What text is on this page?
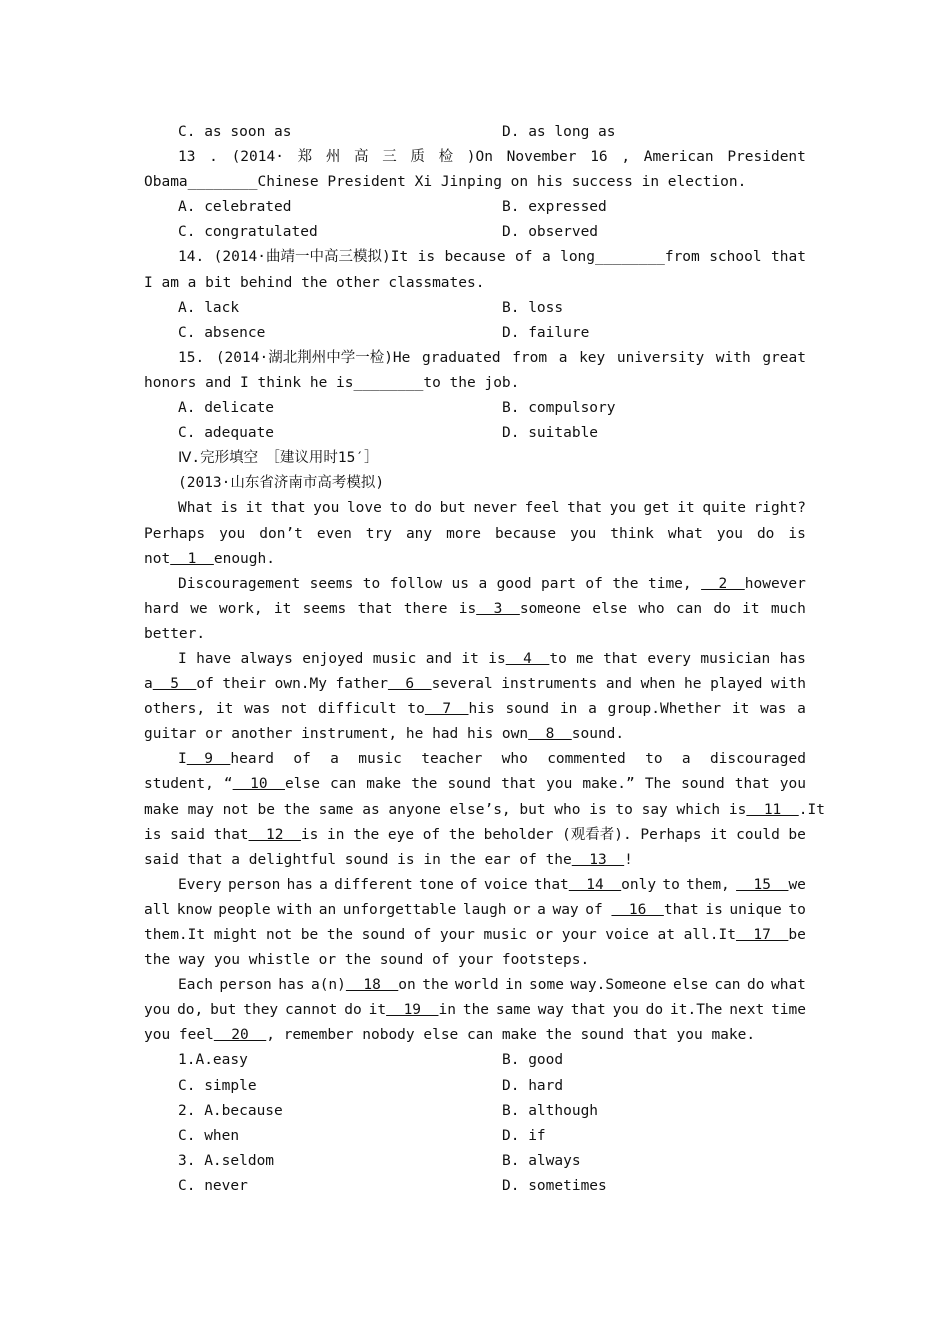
C. as soon as	D. as long as
13 . (2014· 郑 州 高 三 质 检 )On November 16 , American President
Obama________Chinese President Xi Jinping on his success in election.
A. celebrated	B. expressed
C. congratulated	D. observed
14. (2014·曲靖一中高三模拟)It is because of a long________from school that
I am a bit behind the other classmates.
A. lack	B. loss
C. absence	D. failure
15. (2014·湖北荆州中学一检)He graduated from a key university with great
honors and I think he is________to the job.
A. delicate	B. compulsory
C. adequate	D. suitable
Ⅳ.完形填空　［建议用时15′］
(2013·山东省济南市高考模拟)
What is it that you love to do but never feel that you get it quite right?
Perhaps you don’t even try any more because you think what you do is
not  1  enough.
Discouragement seems to follow us a good part of the time, 2  however
hard we work, it seems that there is  3  someone else who can do it much
better.
I have always enjoyed music and it is  4  to me that every musician has
a  5  of their own.My father  6  several instruments and when he played with
others, it was not difficult to  7  his sound in a group.Whether it was a
guitar or another instrument, he had his own  8  sound.
I  9  heard of a music teacher who commented to a discouraged
student, “  10  else can make the sound that you make.” The sound that you
make may not be the same as anyone else’s, but who is to say which is  11  .It
is said that  12  is in the eye of the beholder (观看者). Perhaps it could be
said that a delightful sound is in the ear of the  13  !
Every person has a different tone of voice that  14  only to them, 15  we
all know people with an unforgettable laugh or a way of   16  that is unique to
them.It might not be the sound of your music or your voice at all.It  17  be
the way you whistle or the sound of your footsteps.
Each person has a(n)  18  on the world in some way.Someone else can do what
you do, but they cannot do it  19  in the same way that you do it.The next time
you feel  20  , remember nobody else can make the sound that you make.
1.A.easy	B. good
C. simple	D. hard
2. A.because	B. although
C. when	D. if
3. A.seldom	B. always
C. never	D. sometimes
